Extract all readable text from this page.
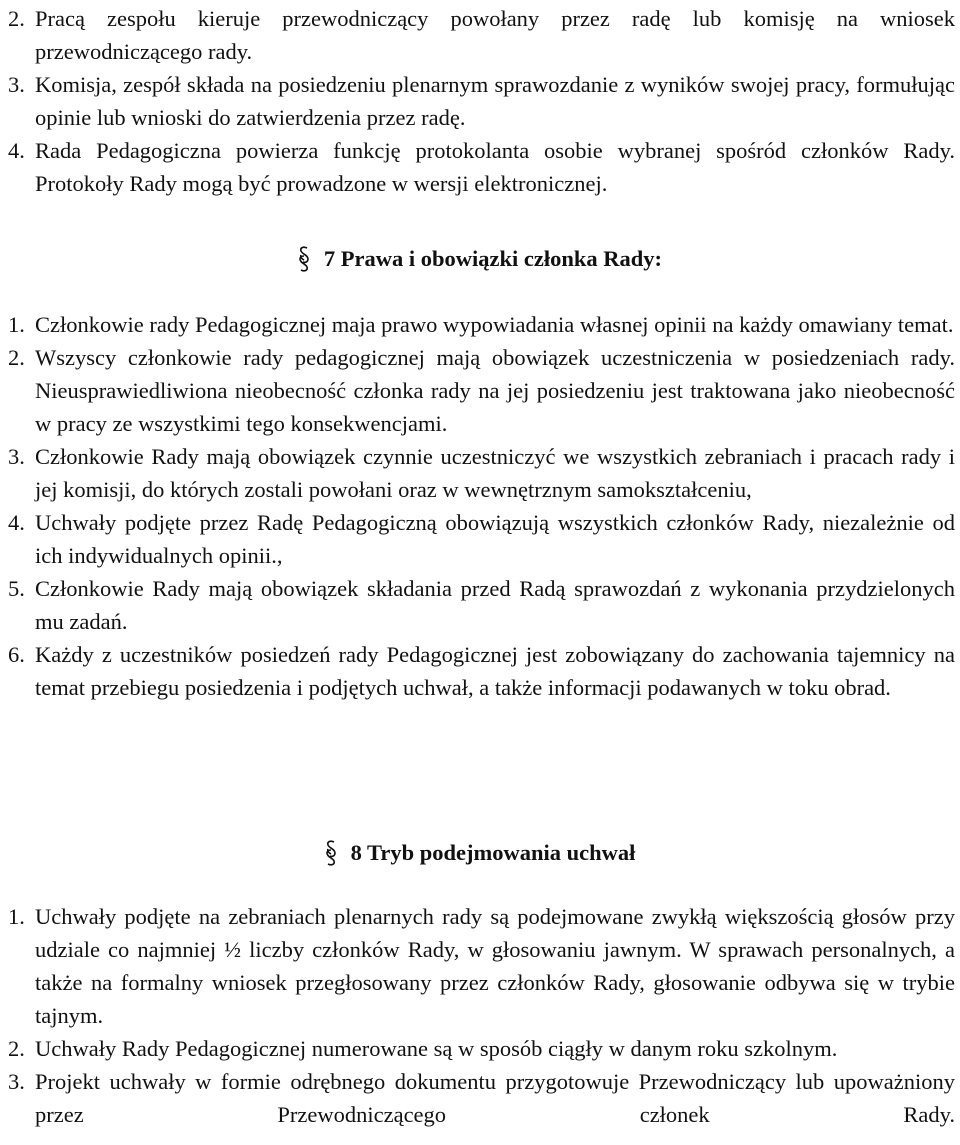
2. Pracą zespołu kieruje przewodniczący powołany przez radę lub komisję na wniosek przewodniczącego rady.
3. Komisja, zespół składa na posiedzeniu plenarnym sprawozdanie z wyników swojej pracy, formułując opinie lub wnioski do zatwierdzenia przez radę.
4. Rada Pedagogiczna powierza funkcję protokolanta osobie wybranej spośród członków Rady. Protokoły Rady mogą być prowadzone w wersji elektronicznej.
7 Prawa i obowiązki członka Rady:
1. Członkowie rady Pedagogicznej maja prawo wypowiadania własnej opinii na każdy omawiany temat.
2. Wszyscy członkowie rady pedagogicznej mają obowiązek uczestniczenia w posiedzeniach rady. Nieusprawiedliwiona nieobecność członka rady na jej posiedzeniu jest traktowana jako nieobecność w pracy ze wszystkimi tego konsekwencjami.
3. Członkowie Rady mają obowiązek czynnie uczestniczyć we wszystkich zebraniach i pracach rady i jej komisji, do których zostali powołani oraz w wewnętrznym samokształceniu,
4. Uchwały podjęte przez Radę Pedagogiczną obowiązują wszystkich członków Rady, niezależnie od ich indywidualnych opinii.,
5. Członkowie Rady mają obowiązek składania przed Radą sprawozdań z wykonania przydzielonych mu zadań.
6. Każdy z uczestników posiedzeń rady Pedagogicznej jest zobowiązany do zachowania tajemnicy na temat przebiegu posiedzenia i podjętych uchwał, a także informacji podawanych w toku obrad.
8 Tryb podejmowania uchwał
1. Uchwały podjęte na zebraniach plenarnych rady są podejmowane zwykłą większością głosów przy udziale co najmniej ½ liczby członków Rady, w głosowaniu jawnym. W sprawach personalnych, a także na formalny wniosek przegłosowany przez członków Rady, głosowanie odbywa się w trybie tajnym.
2. Uchwały Rady Pedagogicznej numerowane są w sposób ciągły w danym roku szkolnym.
3. Projekt uchwały w formie odrębnego dokumentu przygotowuje Przewodniczący lub upoważniony przez Przewodniczącego członek Rady.
